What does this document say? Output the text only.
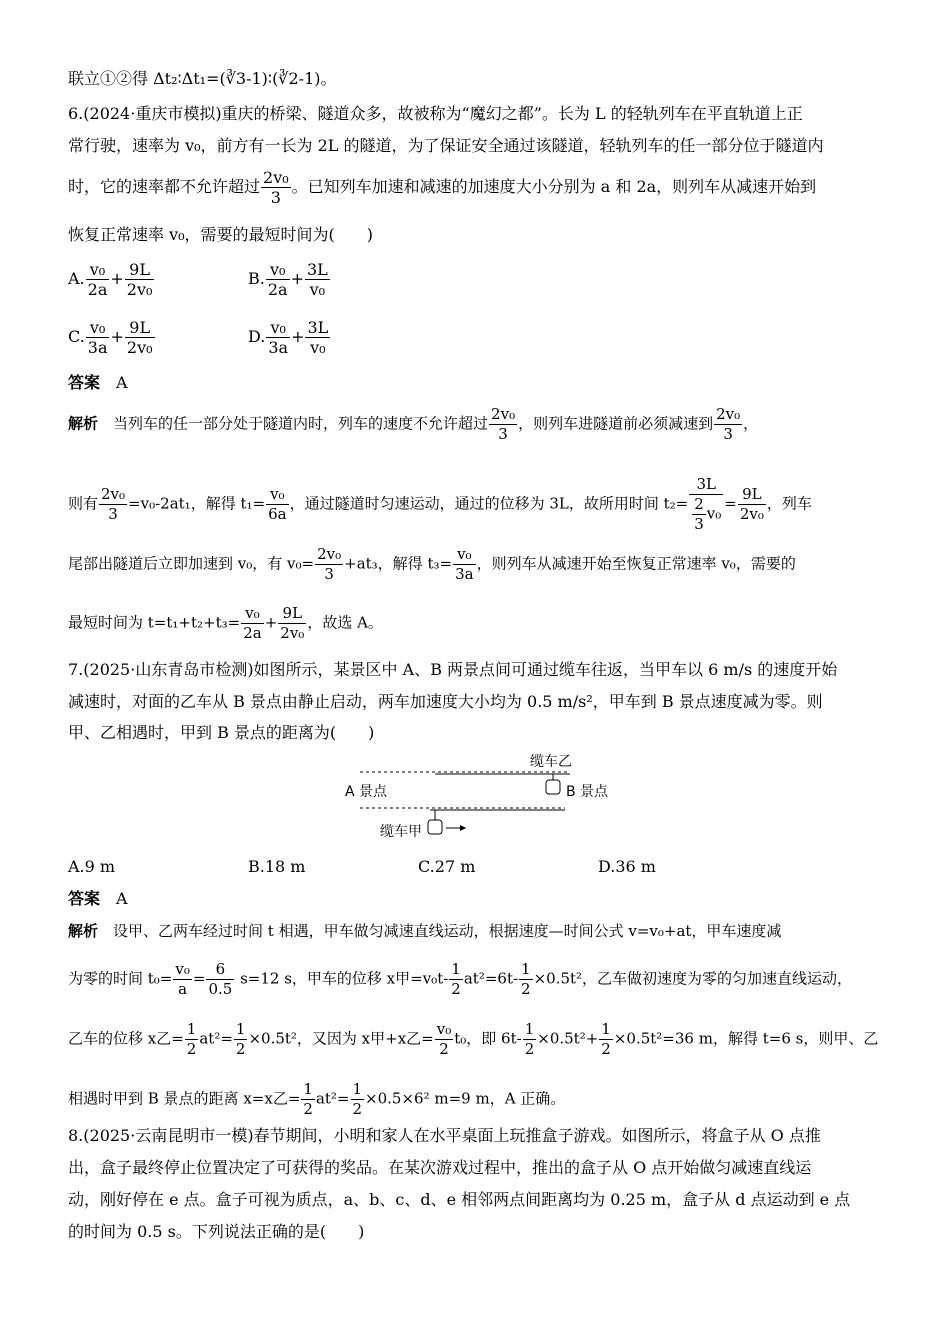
联立①②得 Δt₂∶Δt₁=(∛3-1)∶(∛2-1)。
6.(2024·重庆市模拟)重庆的桥梁、隧道众多，故被称为“魔幻之都”。长为 L 的轻轨列车在平直轨道上正
常行驶，速率为 v₀，前方有一长为 2L 的隧道，为了保证安全通过该隧道，轻轨列车的任一部分位于隧道内
时，它的速率都不允许超过 $\frac{\text{2v₀}}{3}$ 。已知列车加速和减速的加速度大小分别为 a 和 2a，则列车从减速开始到
恢复正常速率 v₀，需要的最短时间为(　　)
A. $\frac{\text{v₀}}{2a} + \frac{9L}{\text{2v₀}}$	B. $\frac{\text{v₀}}{2a} + \frac{3L}{\text{v₀}}$
C. $\frac{\text{v₀}}{3a} + \frac{9L}{\text{2v₀}}$	D. $\frac{\text{v₀}}{3a} + \frac{3L}{\text{v₀}}$
答案　 A
解析　 当列车的任一部分处于隧道内时，列车的速度不允许超过 $\frac{\text{2v₀}}{3}$ ，则列车进隧道前必须减速到 $\frac{\text{2v₀}}{3}$ ，
则有 $\frac{\text{2v₀}}{3} =v_0-2at_1$，解得 $t_1= \frac{\text{v₀}}{6a}$ ，通过隧道时匀速运动，通过的位移为 3L，故所用时间 $t_2= \frac{3L}{\frac{2}{3} v_0} = \frac{9L}{\text{2v₀}}$ ，列车
尾部出隧道后立即加速到 v₀，有 $v_0= \frac{\text{2v₀}}{3} +at_3$，解得 $t_3= \frac{\text{v₀}}{3a}$ ，则列车从减速开始至恢复正常速率 v₀，需要的
最短时间为 $t=t_1+t_2+t_3= \frac{\text{v₀}}{2a} + \frac{9L}{\text{2v₀}}$ ，故选 A。
7.(2025·山东青岛市检测)如图所示，某景区中 A、B 两景点间可通过缆车往返，当甲车以 6 m/s 的速度开始
减速时，对面的乙车从 B 景点由静止启动，两车加速度大小均为 0.5 m/s²，甲车到 B 景点速度减为零。则
甲、乙相遇时，甲到 B 景点的距离为(　　)
缆车乙
B 景点
A 景点
缆车甲
A.9 m	B.18 m	C.27 m	D.36 m
答案　 A
解析　 设甲、乙两车经过时间 t 相遇，甲车做匀减速直线运动，根据速度—时间公式 v=v₀+at，甲车速度减
为零的时间 $t_0= \frac{\text{v₀}}{a} = \frac{6}{0.5} s=12$ s，甲车的位移 x甲$=v_0t- \frac{1}{2} at^2=6t- \frac{1}{2} \times 0.5t^2$，乙车做初速度为零的匀加速直线运动，
乙车的位移 x乙= $\frac{1}{2} at^2= \frac{1}{2} \times 0.5t^2$，又因为 x甲+x乙= $\frac{\text{v₀}}{2} t_0$，即 $6t- \frac{1}{2} \times 0.5t^2+ \frac{1}{2} \times 0.5t^2=36$ m，解得 t=6 s，则甲、乙
相遇时甲到 B 景点的距离 x=x乙= $\frac{1}{2} at^2= \frac{1}{2} \times 0.5\times 6^2$ m=9 m，A 正确。
8.(2025·云南昆明市一模)春节期间，小明和家人在水平桌面上玩推盒子游戏。如图所示，将盒子从 O 点推
出，盒子最终停止位置决定了可获得的奖品。在某次游戏过程中，推出的盒子从 O 点开始做匀减速直线运
动，刚好停在 e 点。盒子可视为质点，a、b、c、d、e 相邻两点间距离均为 0.25 m，盒子从 d 点运动到 e 点
的时间为 0.5 s。下列说法正确的是(　　)
